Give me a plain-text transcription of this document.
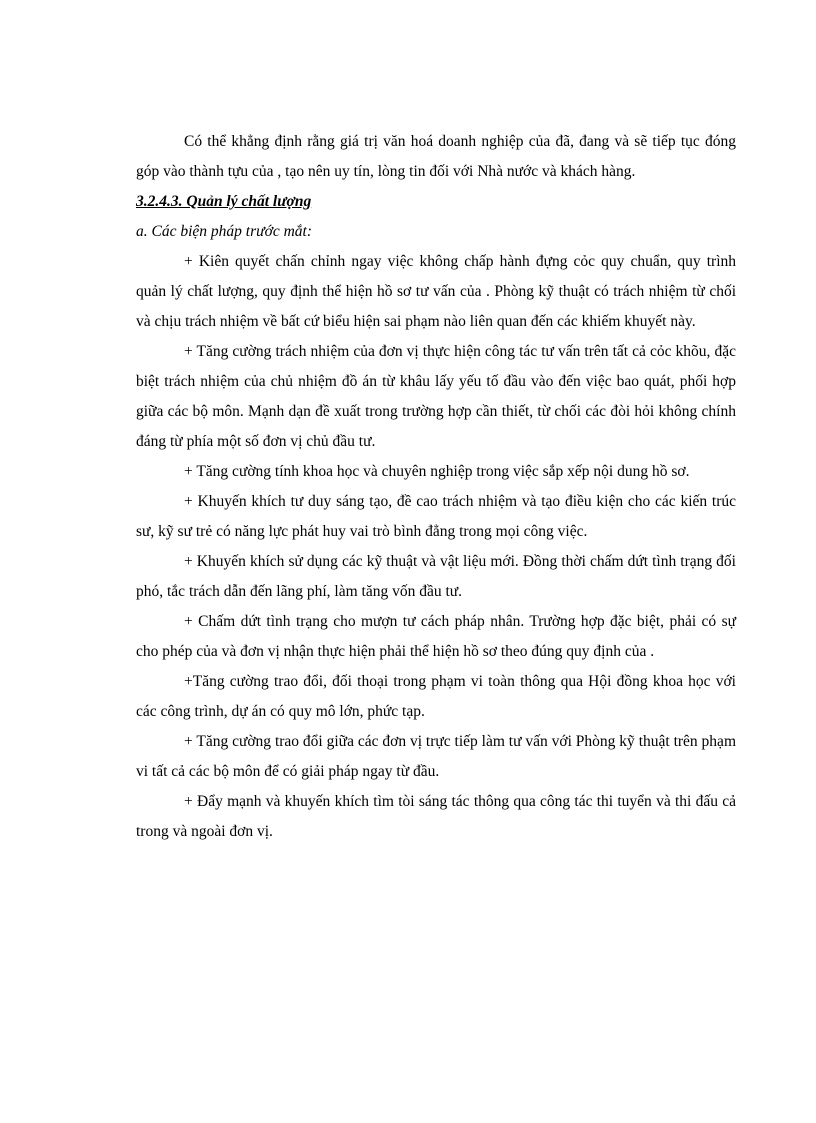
Có thể khẳng định rằng giá trị văn hoá doanh nghiệp của đã, đang và sẽ tiếp tục đóng góp vào thành tựu của , tạo nên uy tín, lòng tin đối với Nhà nước và khách hàng.

3.2.4.3. Quản lý chất lượng

a. Các biện pháp trước mắt:

+ Kiên quyết chấn chỉnh ngay việc không chấp hành đựng cỏc quy chuẩn, quy trình quản lý chất lượng, quy định thể hiện hồ sơ tư vấn của . Phòng kỹ thuật có trách nhiệm từ chối và chịu trách nhiệm về bất cứ biểu hiện sai phạm nào liên quan đến các khiếm khuyết này.

+ Tăng cường trách nhiệm của đơn vị thực hiện công tác tư vấn trên tất cả cỏc khõu, đặc biệt trách nhiệm của chủ nhiệm đồ án từ khâu lấy yếu tố đầu vào đến việc bao quát, phối hợp giữa các bộ môn. Mạnh dạn đề xuất trong trường hợp cần thiết, từ chối các đòi hỏi không chính đáng từ phía một số đơn vị chủ đầu tư.

+ Tăng cường tính khoa học và chuyên nghiệp trong việc sắp xếp nội dung hồ sơ.

+ Khuyến khích tư duy sáng tạo, đề cao trách nhiệm và tạo điều kiện cho các kiến trúc sư, kỹ sư trẻ có năng lực phát huy vai trò bình đẳng trong mọi công việc.

+ Khuyến khích sử dụng các kỹ thuật và vật liệu mới. Đồng thời chấm dứt tình trạng đối phó, tắc trách dẫn đến lãng phí, làm tăng vốn đầu tư.

+ Chấm dứt tình trạng cho mượn tư cách pháp nhân. Trường hợp đặc biệt, phải có sự cho phép của và đơn vị nhận thực hiện phải thể hiện hồ sơ theo đúng quy định của .

+Tăng cường trao đổi, đối thoại trong phạm vi toàn thông qua Hội đồng khoa học với các công trình, dự án có quy mô lớn, phức tạp.

+ Tăng cường trao đổi giữa các đơn vị trực tiếp làm tư vấn với Phòng kỹ thuật trên phạm vi tất cả các bộ môn để có giải pháp ngay từ đầu.

+ Đẩy mạnh và khuyến khích tìm tòi sáng tác thông qua công tác thi tuyển và thi đấu cả trong và ngoài đơn vị.
